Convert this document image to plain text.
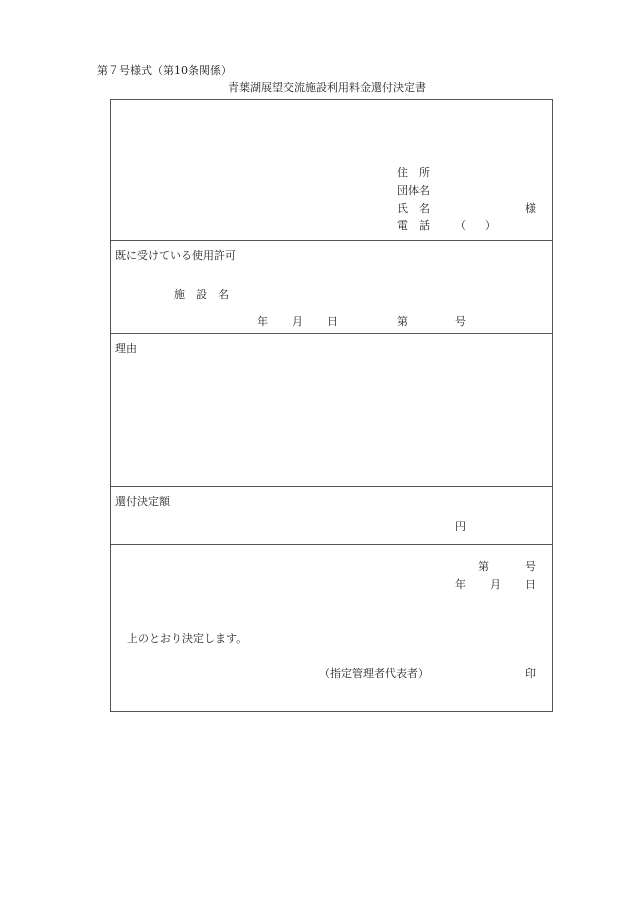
第７号様式（第10条関係）
青葉湖展望交流施設利用料金還付決定書
住　所
団体名
氏　名	様
電　話 （ ）
既に受けている使用許可
施　設　名
年 月 日	第	号
理由
還付決定額
円
第	号
年 月 日
上のとおり決定します。
（指定管理者代表者）	印
